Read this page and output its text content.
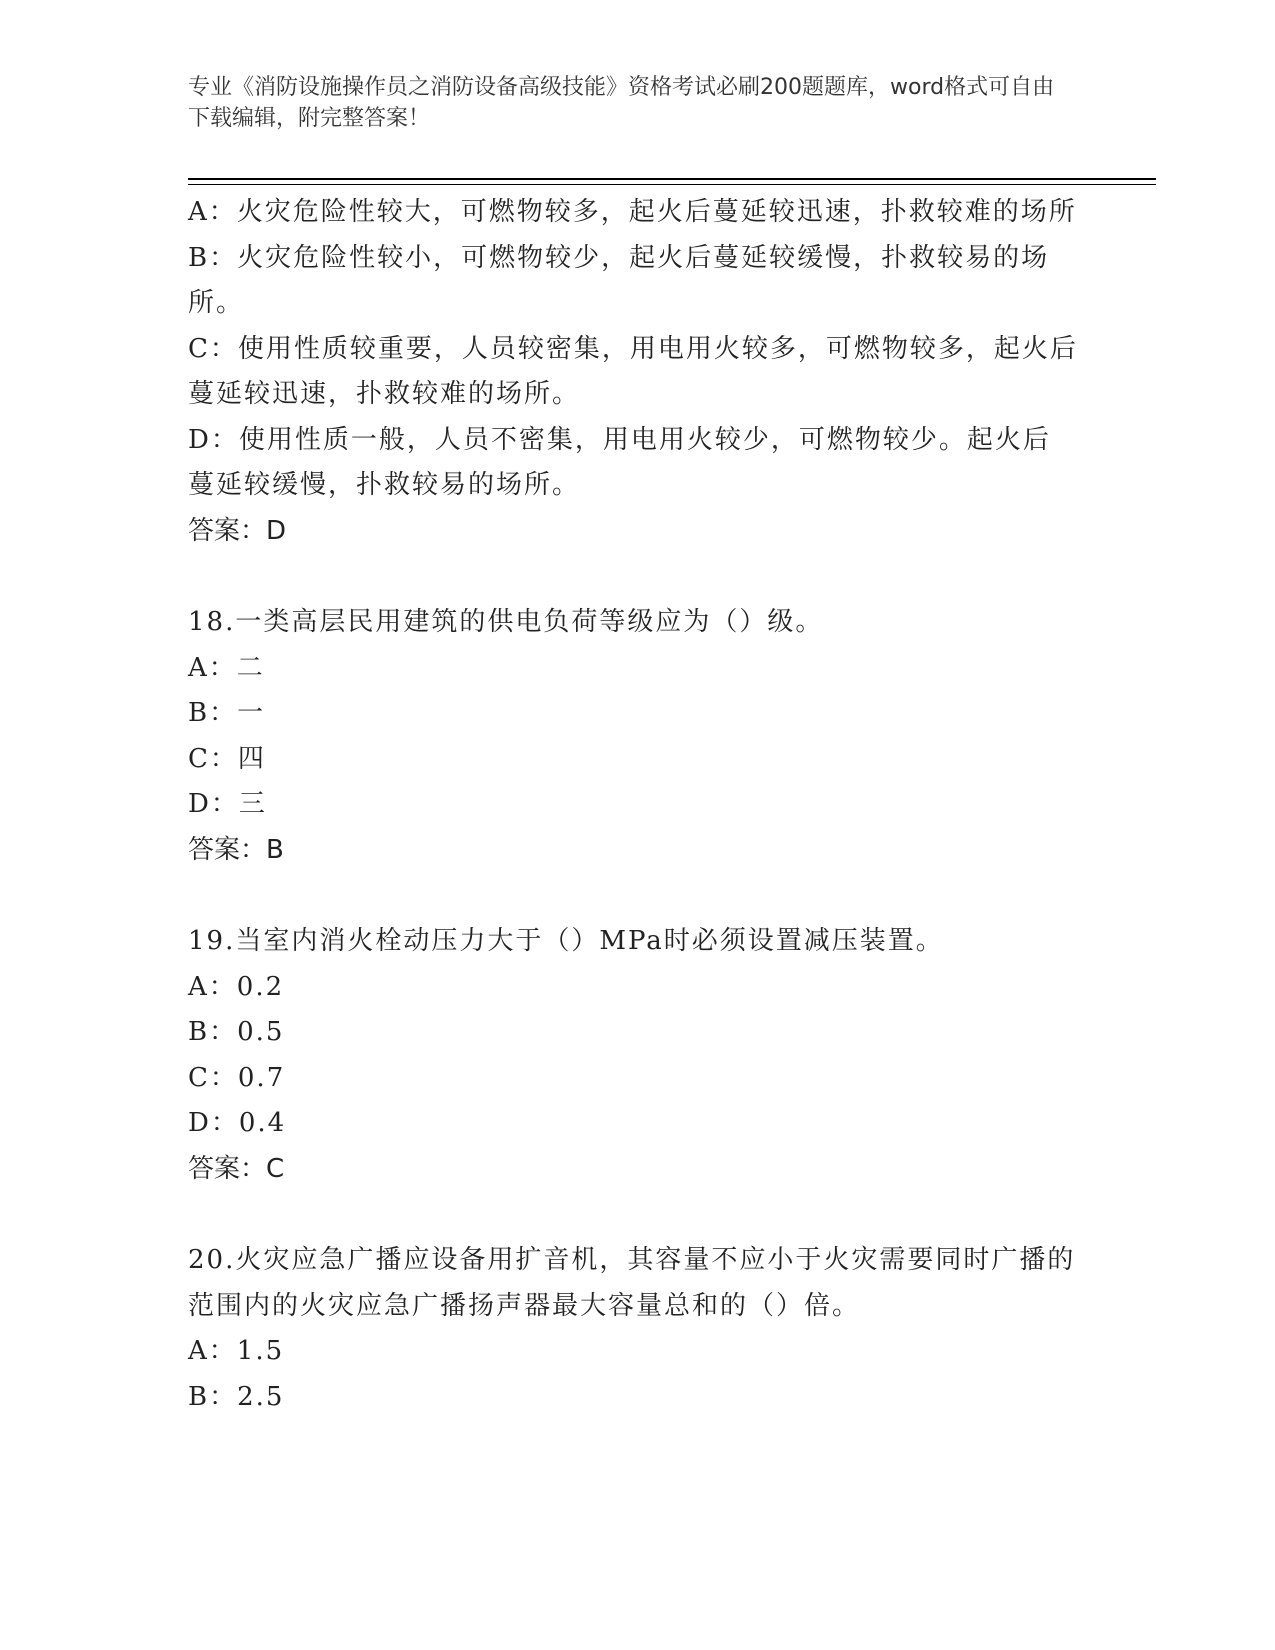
专业《消防设施操作员之消防设备高级技能》资格考试必刷200题题库，word格式可自由下载编辑，附完整答案！

A：火灾危险性较大，可燃物较多，起火后蔓延较迅速，扑救较难的场所

B：火灾危险性较小，可燃物较少，起火后蔓延较缓慢，扑救较易的场所。

C：使用性质较重要，人员较密集，用电用火较多，可燃物较多，起火后蔓延较迅速，扑救较难的场所。

D：使用性质一般，人员不密集，用电用火较少，可燃物较少。起火后蔓延较缓慢，扑救较易的场所。

答案：D

18.一类高层民用建筑的供电负荷等级应为（）级。

A：二

B：一

C：四

D：三

答案：B

19.当室内消火栓动压力大于（）MPa时必须设置减压装置。

A：0.2

B：0.5

C：0.7

D：0.4

答案：C

20.火灾应急广播应设备用扩音机，其容量不应小于火灾需要同时广播的范围内的火灾应急广播扬声器最大容量总和的（）倍。

A：1.5

B：2.5
